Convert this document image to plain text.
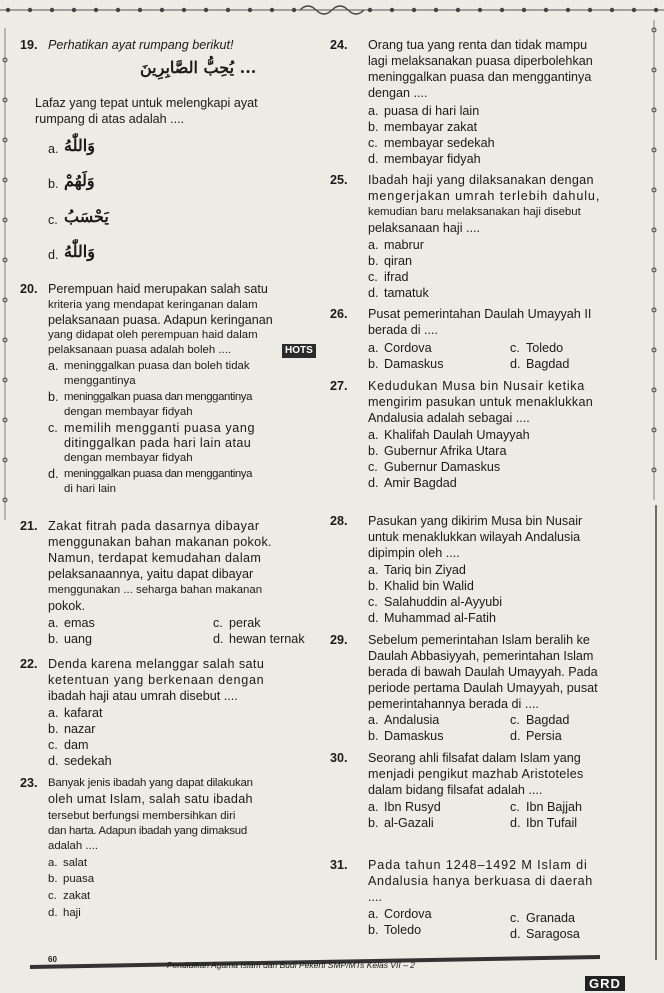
19. Perhatikan ayat rumpang berikut!
... يُحِبُّ الصَّابِرِينَ
Lafaz yang tepat untuk melengkapi ayat
rumpang di atas adalah ....
a. وَاللّٰهُ
b. وَلَهُمْ
c. يَحْسَبُ
d. وَاللّٰهُ
20. Perempuan haid merupakan salah satu
kriteria yang mendapat keringanan dalam
pelaksanaan puasa. Adapun keringanan
yang didapat oleh perempuan haid dalam
pelaksanaan puasa adalah boleh ....	HOTS
a. meninggalkan puasa dan boleh tidak
menggantinya
b. meninggalkan puasa dan menggantinya
dengan membayar fidyah
c. memilih mengganti puasa yang
ditinggalkan pada hari lain atau
dengan membayar fidyah
d. meninggalkan puasa dan menggantinya
di hari lain
21. Zakat fitrah pada dasarnya dibayar
menggunakan bahan makanan pokok.
Namun, terdapat kemudahan dalam
pelaksanaannya, yaitu dapat dibayar
menggunakan ... seharga bahan makanan
pokok.
a. emas
b. uang
c. perak
d. hewan ternak
22. Denda karena melanggar salah satu
ketentuan yang berkenaan dengan
ibadah haji atau umrah disebut ....
a. kafarat
b. nazar
c. dam
d. sedekah
23. Banyak jenis ibadah yang dapat dilakukan
oleh umat Islam, salah satu ibadah
tersebut berfungsi membersihkan diri
dan harta. Adapun ibadah yang dimaksud
adalah ....
a. salat
b. puasa
c. zakat
d. haji
24. Orang tua yang renta dan tidak mampu
lagi melaksanakan puasa diperbolehkan
meninggalkan puasa dan menggantinya
dengan ....
a. puasa di hari lain
b. membayar zakat
c. membayar sedekah
d. membayar fidyah
25. Ibadah haji yang dilaksanakan dengan
mengerjakan umrah terlebih dahulu,
kemudian baru melaksanakan haji disebut
pelaksanaan haji ....
a. mabrur
b. qiran
c. ifrad
d. tamatuk
26. Pusat pemerintahan Daulah Umayyah II
berada di ....
a. Cordova
b. Damaskus
c. Toledo
d. Bagdad
27. Kedudukan Musa bin Nusair ketika
mengirim pasukan untuk menaklukkan
Andalusia adalah sebagai ....
a. Khalifah Daulah Umayyah
b. Gubernur Afrika Utara
c. Gubernur Damaskus
d. Amir Bagdad
28. Pasukan yang dikirim Musa bin Nusair
untuk menaklukkan wilayah Andalusia
dipimpin oleh ....
a. Tariq bin Ziyad
b. Khalid bin Walid
c. Salahuddin al-Ayyubi
d. Muhammad al-Fatih
29. Sebelum pemerintahan Islam beralih ke
Daulah Abbasiyyah, pemerintahan Islam
berada di bawah Daulah Umayyah. Pada
periode pertama Daulah Umayyah, pusat
pemerintahannya berada di ....
a. Andalusia
b. Damaskus
c. Bagdad
d. Persia
30. Seorang ahli filsafat dalam Islam yang
menjadi pengikut mazhab Aristoteles
dalam bidang filsafat adalah ....
a. Ibn Rusyd
b. al-Gazali
c. Ibn Bajjah
d. Ibn Tufail
31. Pada tahun 1248–1492 M Islam di
Andalusia hanya berkuasa di daerah
....
a. Cordova
b. Toledo
c. Granada
d. Saragosa
60
Pendidikan Agama Islam dan Budi Pekerti SMP/MTs Kelas VII – 2
GRD
